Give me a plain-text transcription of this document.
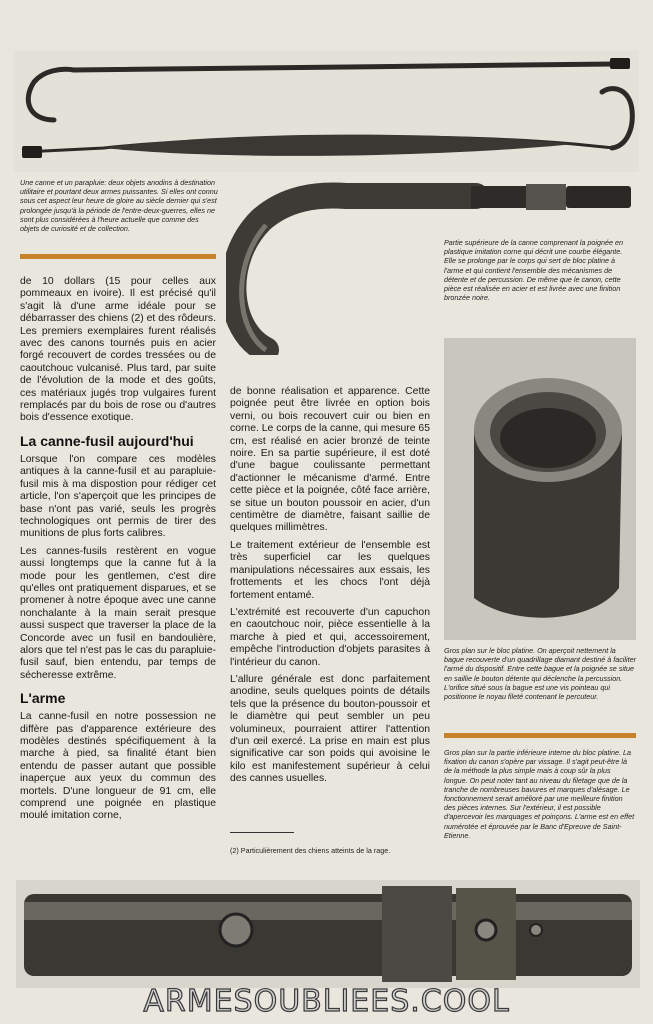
Une canne et un parapluie: deux objets anodins à destination utilitaire et pourtant deux armes puissantes. Si elles ont connu sous cet aspect leur heure de gloire au siècle dernier qui s'est prolongée jusqu'à la période de l'entre-deux-guerres, elles ne sont plus considérées à l'heure actuelle que comme des objets de curiosité et de collection.
Partie supérieure de la canne comprenant la poignée en plastique imitation corne qui décrit une courbe élégante. Elle se prolonge par le corps qui sert de bloc platine à l'arme et qui contient l'ensemble des mécanismes de détente et de percussion. De même que le canon, cette pièce est réalisée en acier et est livrée avec une finition bronzée noire.
Gros plan sur le bloc platine. On aperçoit nettement la bague recouverte d'un quadrillage diamant destiné à faciliter l'armé du dispositif. Entre cette bague et la poignée se situe en saillie le bouton détente qui déclenche la percussion. L'orifice situé sous la bague est une vis pointeau qui positionne le noyau fileté contenant le percuteur.
Gros plan sur la partie inférieure interne du bloc platine. La fixation du canon s'opère par vissage. Il s'agit peut-être là de la méthode la plus simple mais à coup sûr la plus longue. On peut noter tant au niveau du filetage que de la tranche de nombreuses bavures et marques d'alésage. Le fonctionnement serait amélioré par une meilleure finition des pièces internes. Sur l'extérieur, il est possible d'apercevoir les marquages et poinçons. L'arme est en effet numérotée et éprouvée par le Banc d'Epreuve de Saint-Etienne.

de 10 dollars (15 pour celles aux pommeaux en ivoire). Il est précisé qu'il s'agit là d'une arme idéale pour se débarrasser des chiens (2) et des rôdeurs. Les premiers exemplaires furent réalisés avec des canons tournés puis en acier forgé recouvert de cordes tressées ou de caoutchouc vulcanisé. Plus tard, par suite de l'évolution de la mode et des goûts, ces matériaux jugés trop vulgaires furent remplacés par du bois de rose ou d'autres bois d'essence exotique.

La canne-fusil aujourd'hui

Lorsque l'on compare ces modèles antiques à la canne-fusil et au parapluie-fusil mis à ma dispostion pour rédiger cet article, l'on s'aperçoit que les principes de base n'ont pas varié, seuls les progrès technologiques ont permis de tirer des munitions de plus forts calibres.

Les cannes-fusils restèrent en vogue aussi longtemps que la canne fut à la mode pour les gentlemen, c'est dire qu'elles ont pratiquement disparues, et se promener à notre époque avec une canne nonchalante à la main serait presque aussi suspect que traverser la place de la Concorde avec un fusil en bandoulière, alors que tel n'est pas le cas du parapluie-fusil sauf, bien entendu, par temps de sécheresse extrême.

L'arme

La canne-fusil en notre possession ne diffère pas d'apparence extérieure des modèles destinés spécifiquement à la marche à pied, sa finalité étant bien entendu de passer autant que possible inaperçue aux yeux du commun des mortels. D'une longueur de 91 cm, elle comprend une poignée en plastique moulé imitation corne,

de bonne réalisation et apparence. Cette poignée peut être livrée en option bois verni, ou bois recouvert cuir ou bien en corne. Le corps de la canne, qui mesure 65 cm, est réalisé en acier bronzé de teinte noire. En sa partie supérieure, il est doté d'une bague coulissante permettant d'actionner le mécanisme d'armé. Entre cette pièce et la poignée, côté face arrière, se situe un bouton poussoir en acier, d'un centimètre de diamètre, faisant saillie de quelques millimètres.

Le traitement extérieur de l'ensemble est très superficiel car les quelques manipulations nécessaires aux essais, les frottements et les chocs l'ont déjà fortement entamé.

L'extrémité est recouverte d'un capuchon en caoutchouc noir, pièce essentielle à la marche à pied et qui, accessoirement, empêche l'introduction d'objets parasites à l'intérieur du canon.

L'allure générale est donc parfaitement anodine, seuls quelques points de détails tels que la présence du bouton-poussoir et le diamètre qui peut sembler un peu volumineux, pourraient attirer l'attention d'un œil exercé. La prise en main est plus significative car son poids qui avoisine le kilo est manifestement supérieur à celui des cannes usuelles.

(2) Particulièrement des chiens atteints de la rage.
ARMESOUBLIEES.COOL
